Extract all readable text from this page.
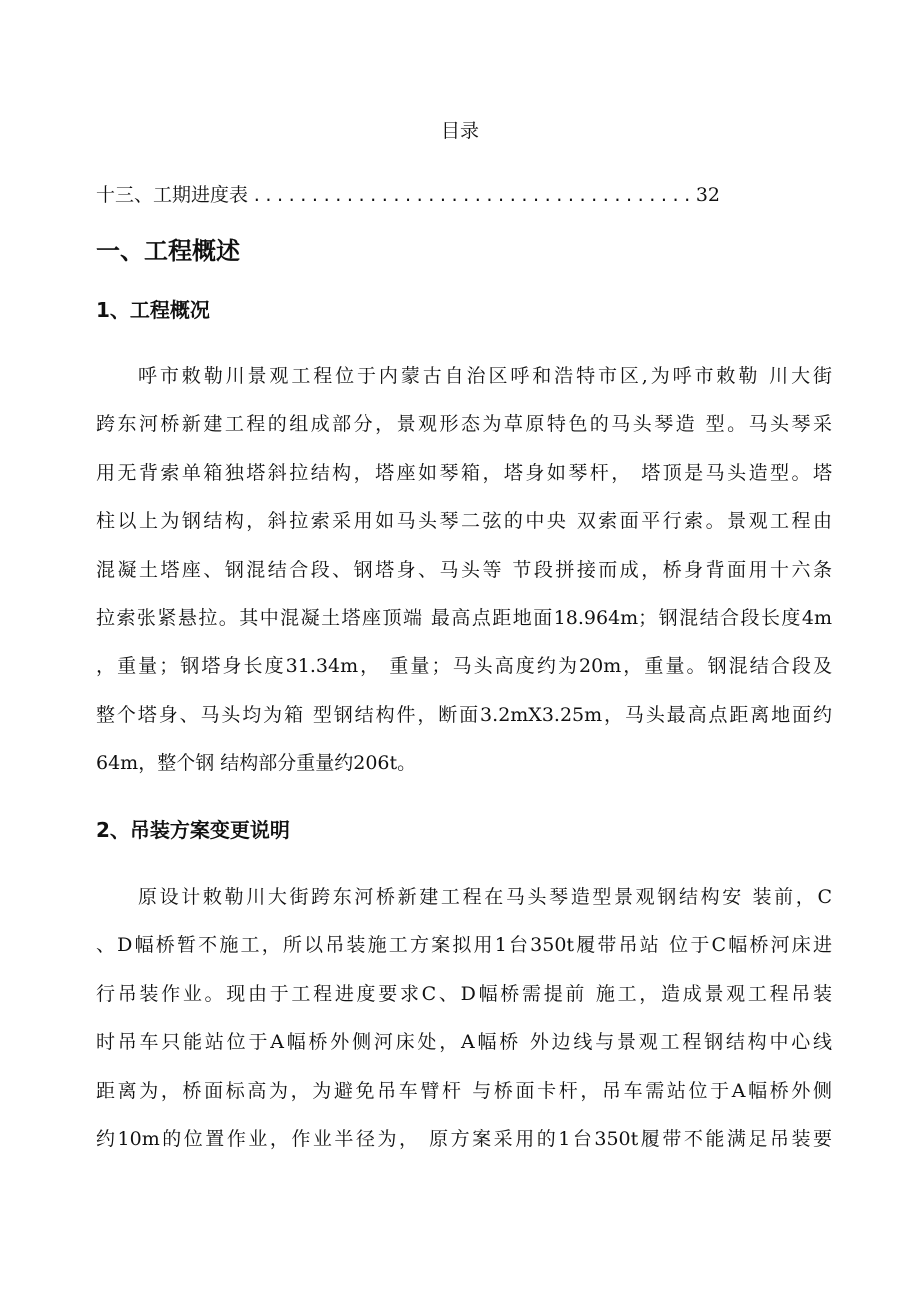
目录
十三、工期进度表
.....	32
一、工程概述
1、工程概况
呼市敕勒川景观工程位于内蒙古自治区呼和浩特市区,为呼市敕勒 川大街
跨东河桥新建工程的组成部分，景观形态为草原特色的马头琴造 型。马头琴采
用无背索单箱独塔斜拉结构，塔座如琴箱，塔身如琴杆， 塔顶是马头造型。塔
柱以上为钢结构，斜拉索采用如马头琴二弦的中央 双索面平行索。景观工程由
混凝土塔座、钢混结合段、钢塔身、马头等 节段拼接而成，桥身背面用十六条
拉索张紧悬拉。其中混凝土塔座顶端 最高点距地面18.964m；钢混结合段长度4m
，重量；钢塔身长度31.34m， 重量；马头高度约为20m，重量。钢混结合段及
整个塔身、马头均为箱 型钢结构件，断面3.2mX3.25m，马头最高点距离地面约
64m，整个钢 结构部分重量约206t。
2、吊装方案变更说明
原设计敕勒川大街跨东河桥新建工程在马头琴造型景观钢结构安 装前，C
、D幅桥暂不施工，所以吊装施工方案拟用1台350t履带吊站 位于C幅桥河床进
行吊装作业。现由于工程进度要求C、D幅桥需提前 施工，造成景观工程吊装
时吊车只能站位于A幅桥外侧河床处，A幅桥 外边线与景观工程钢结构中心线
距离为，桥面标高为，为避免吊车臂杆 与桥面卡杆，吊车需站位于A幅桥外侧
约10m的位置作业，作业半径为， 原方案采用的1台350t履带不能满足吊装要
